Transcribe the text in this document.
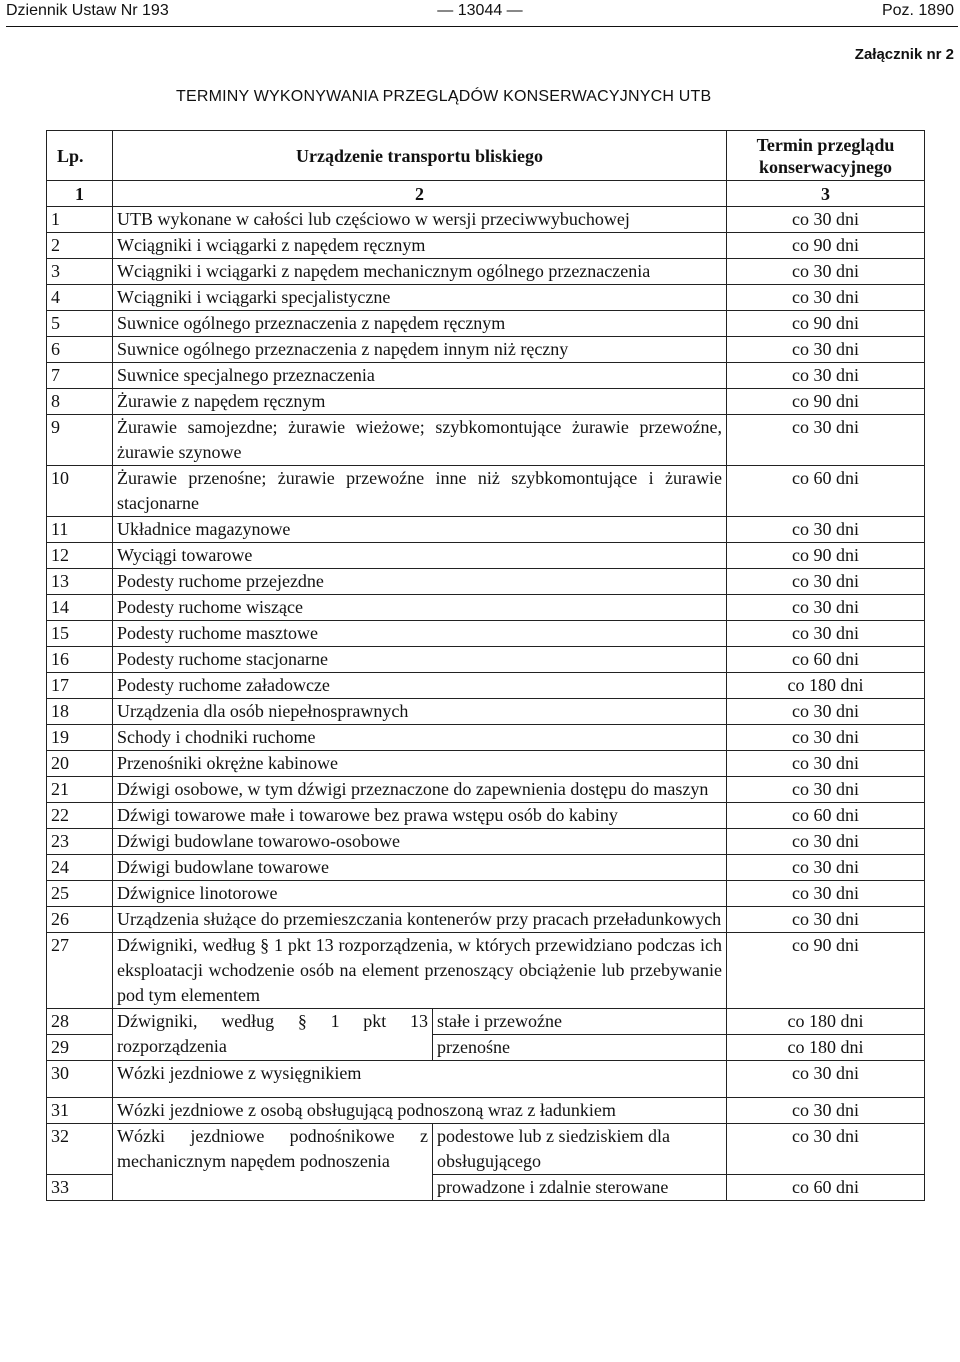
Dziennik Ustaw Nr 193	— 13044 —	Poz. 1890
Załącznik nr 2
TERMINY WYKONYWANIA PRZEGLĄDÓW KONSERWACYJNYCH UTB
Lp.	Urządzenie transportu bliskiego		Termin przeglądu konserwacyjnego
1	2		3
1	UTB wykonane w całości lub częściowo w wersji przeciwwybuchowej		co 30 dni
2	Wciągniki i wciągarki z napędem ręcznym		co 90 dni
3	Wciągniki i wciągarki z napędem mechanicznym ogólnego przeznaczenia		co 30 dni
4	Wciągniki i wciągarki specjalistyczne		co 30 dni
5	Suwnice ogólnego przeznaczenia z napędem ręcznym		co 90 dni
6	Suwnice ogólnego przeznaczenia z napędem innym niż ręczny		co 30 dni
7	Suwnice specjalnego przeznaczenia		co 30 dni
8	Żurawie z napędem ręcznym		co 90 dni
9	Żurawie samojezdne; żurawie wieżowe; szybkomontujące żurawie przewoźne, żurawie szynowe		co 30 dni
10	Żurawie przenośne; żurawie przewoźne inne niż szybkomontujące i żurawie stacjonarne		co 60 dni
11	Układnice magazynowe		co 30 dni
12	Wyciągi towarowe		co 90 dni
13	Podesty ruchome przejezdne		co 30 dni
14	Podesty ruchome wiszące		co 30 dni
15	Podesty ruchome masztowe		co 30 dni
16	Podesty ruchome stacjonarne		co 60 dni
17	Podesty ruchome załadowcze		co 180 dni
18	Urządzenia dla osób niepełnosprawnych		co 30 dni
19	Schody i chodniki ruchome		co 30 dni
20	Przenośniki okrężne kabinowe		co 30 dni
21	Dźwigi osobowe, w tym dźwigi przeznaczone do zapewnienia dostępu do maszyn		co 30 dni
22	Dźwigi towarowe małe i towarowe bez prawa wstępu osób do kabiny		co 60 dni
23	Dźwigi budowlane towarowo-osobowe		co 30 dni
24	Dźwigi budowlane towarowe		co 30 dni
25	Dźwignice linotorowe		co 30 dni
26	Urządzenia służące do przemieszczania kontenerów przy pracach przeładunkowych		co 30 dni
27	Dźwigniki, według § 1 pkt 13 rozporządzenia, w których przewidziano podczas ich eksploatacji wchodzenie osób na element przenoszący obciążenie lub przebywanie pod tym elementem		co 90 dni
28	Dźwigniki, według § 1 pkt 13 rozporządzenia	stałe i przewoźne	co 180 dni
29		przenośne	co 180 dni
30	Wózki jezdniowe z wysięgnikiem		co 30 dni
31	Wózki jezdniowe z osobą obsługującą podnoszoną wraz z ładunkiem		co 30 dni
32	Wózki jezdniowe podnośnikowe z mechanicznym napędem podnoszenia	podestowe lub z siedziskiem dla obsługującego	co 30 dni
33		prowadzone i zdalnie sterowane	co 60 dni
